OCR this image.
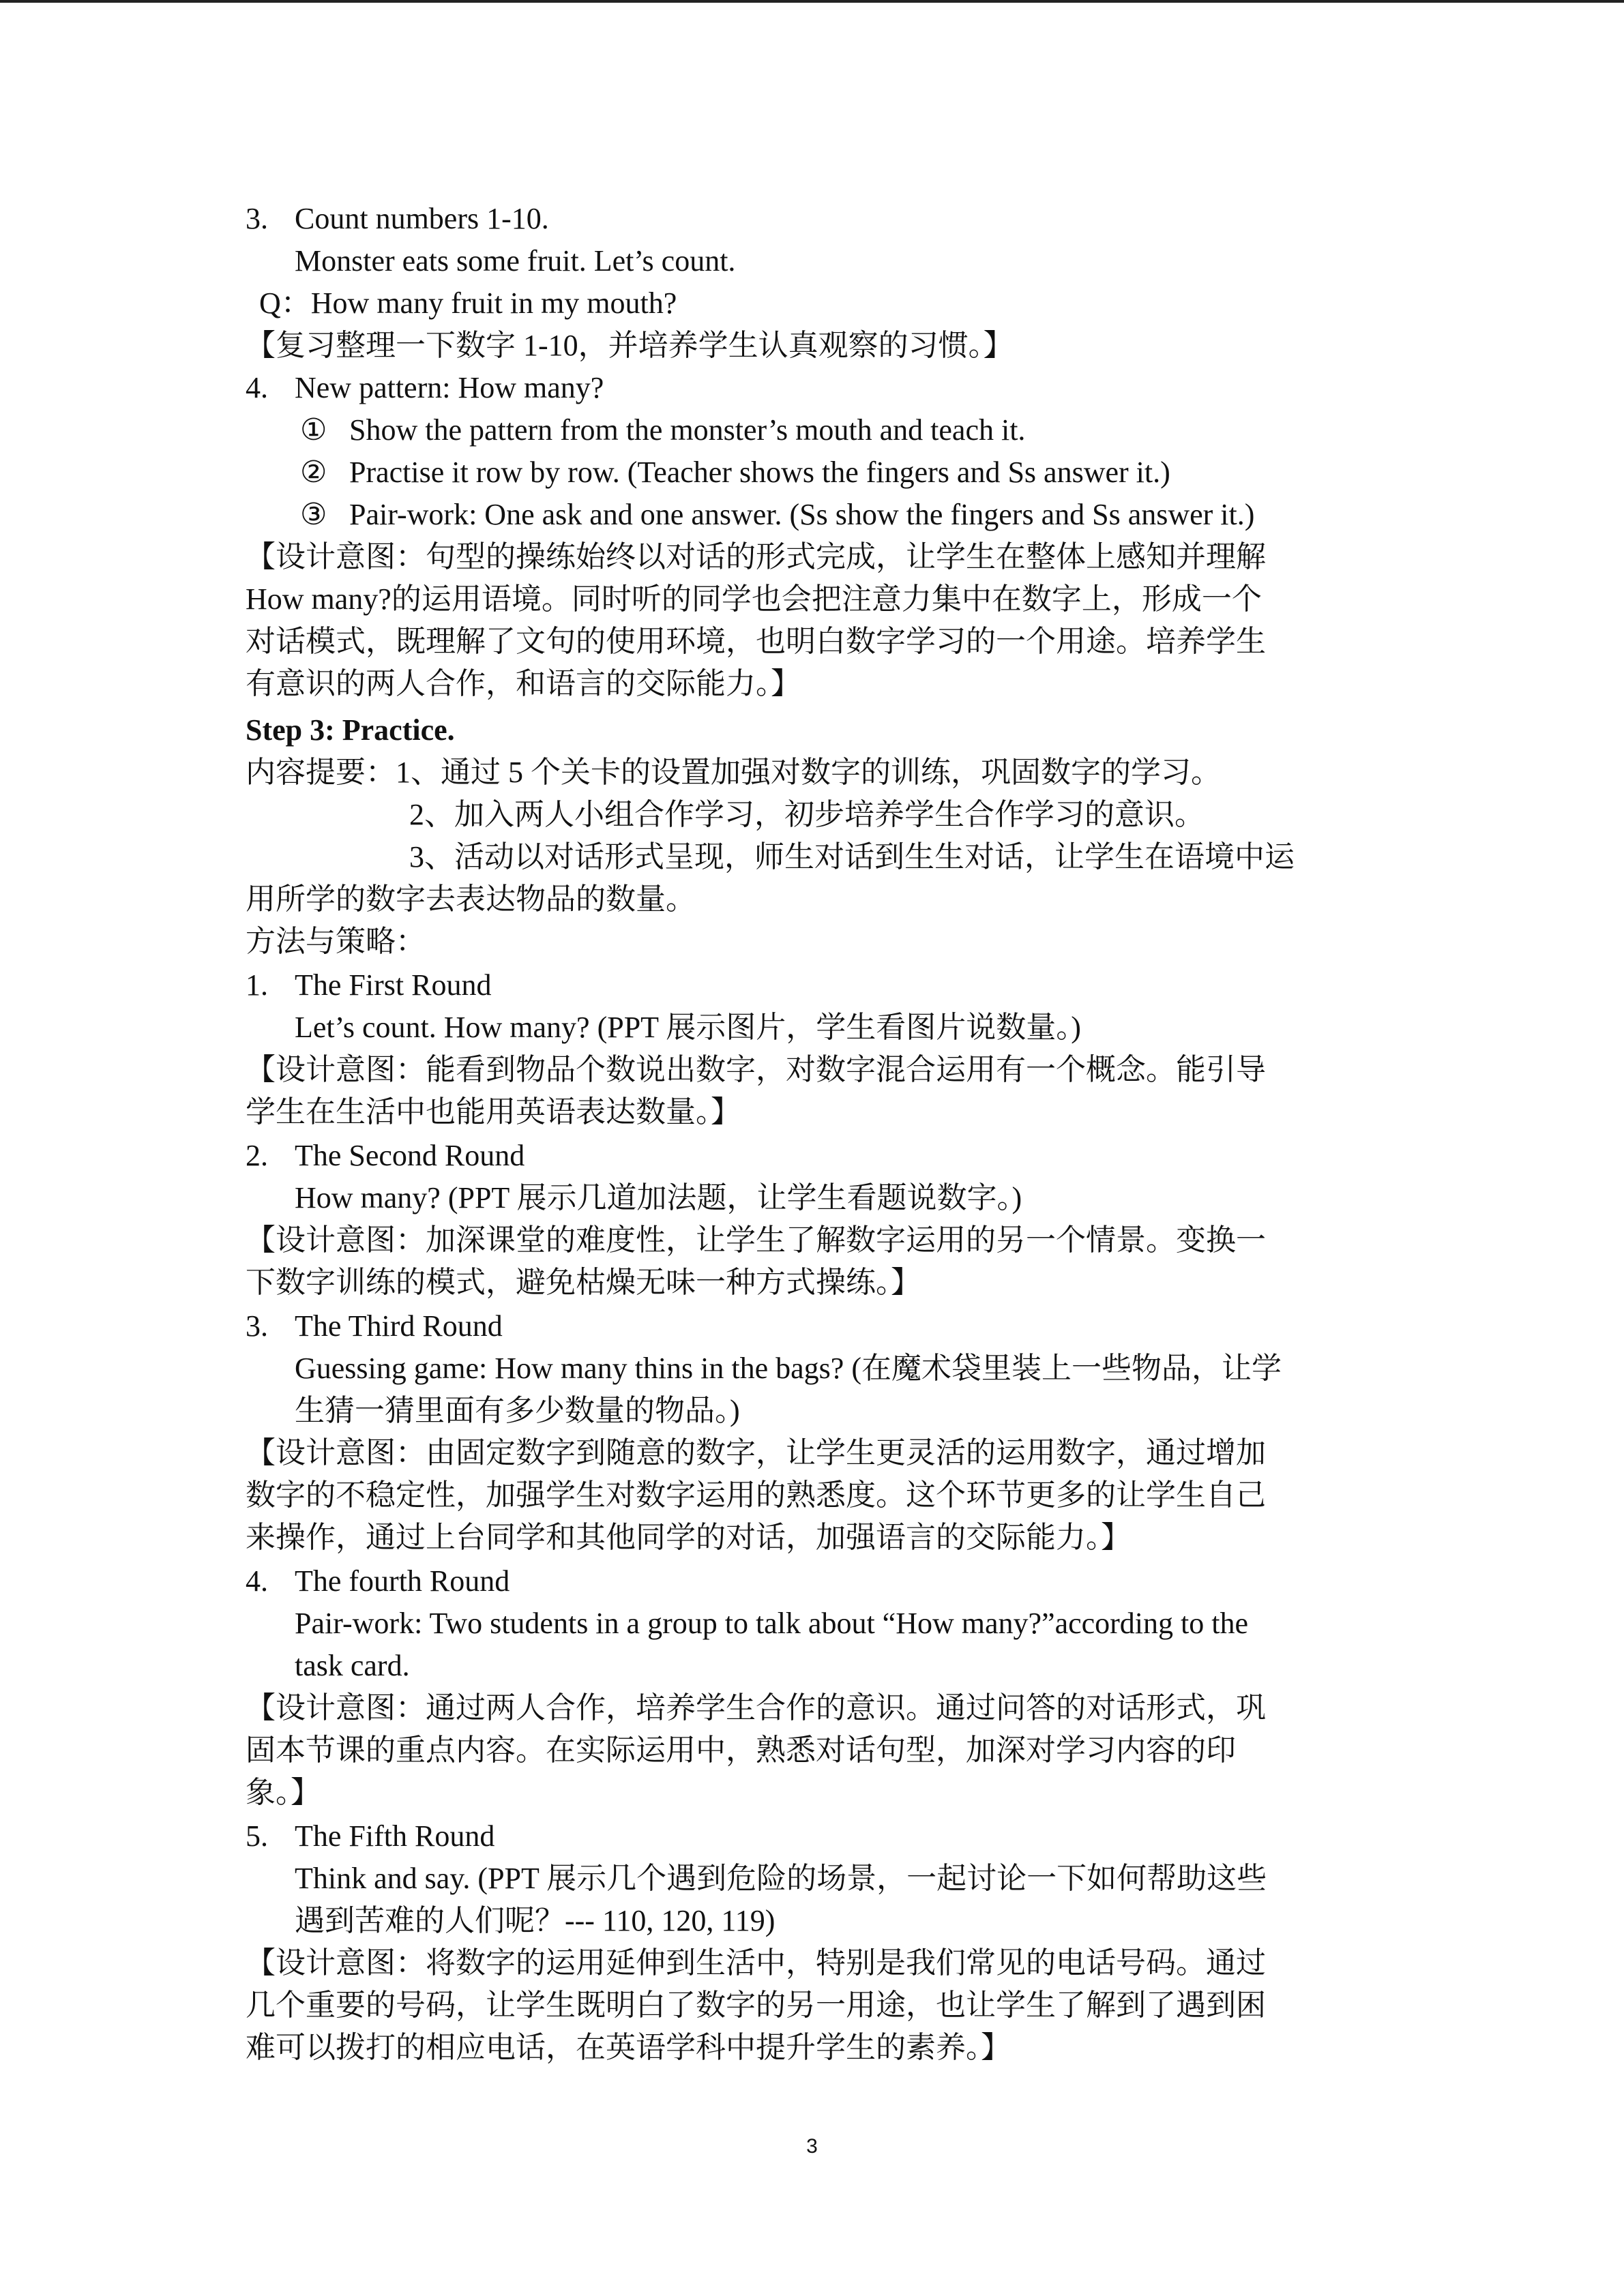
3. Count numbers 1-10.
Monster eats some fruit. Let’s count.
Q：How many fruit in my mouth?
【复习整理一下数字 1-10，并培养学生认真观察的习惯。】
4. New pattern: How many?
① Show the pattern from the monster’s mouth and teach it.
② Practise it row by row. (Teacher shows the fingers and Ss answer it.)
③ Pair-work: One ask and one answer. (Ss show the fingers and Ss answer it.)
【设计意图：句型的操练始终以对话的形式完成，让学生在整体上感知并理解
How many?的运用语境。同时听的同学也会把注意力集中在数字上，形成一个
对话模式，既理解了文句的使用环境，也明白数字学习的一个用途。培养学生
有意识的两人合作，和语言的交际能力。】
Step 3: Practice.
内容提要：1、通过 5 个关卡的设置加强对数字的训练，巩固数字的学习。
2、加入两人小组合作学习，初步培养学生合作学习的意识。
3、活动以对话形式呈现，师生对话到生生对话，让学生在语境中运
用所学的数字去表达物品的数量。
方法与策略：
1. The First Round
Let’s count. How many? (PPT 展示图片，学生看图片说数量。)
【设计意图：能看到物品个数说出数字，对数字混合运用有一个概念。能引导
学生在生活中也能用英语表达数量。】
2. The Second Round
How many? (PPT 展示几道加法题，让学生看题说数字。)
【设计意图：加深课堂的难度性，让学生了解数字运用的另一个情景。变换一
下数字训练的模式，避免枯燥无味一种方式操练。】
3. The Third Round
Guessing game: How many thins in the bags? (在魔术袋里装上一些物品，让学
生猜一猜里面有多少数量的物品。)
【设计意图：由固定数字到随意的数字，让学生更灵活的运用数字，通过增加
数字的不稳定性，加强学生对数字运用的熟悉度。这个环节更多的让学生自己
来操作，通过上台同学和其他同学的对话，加强语言的交际能力。】
4. The fourth Round
Pair-work: Two students in a group to talk about “How many?”according to the
task card.
【设计意图：通过两人合作，培养学生合作的意识。通过问答的对话形式，巩
固本节课的重点内容。在实际运用中，熟悉对话句型，加深对学习内容的印
象。】
5. The Fifth Round
Think and say. (PPT 展示几个遇到危险的场景，一起讨论一下如何帮助这些
遇到苦难的人们呢？--- 110, 120, 119)
【设计意图：将数字的运用延伸到生活中，特别是我们常见的电话号码。通过
几个重要的号码，让学生既明白了数字的另一用途，也让学生了解到了遇到困
难可以拨打的相应电话，在英语学科中提升学生的素养。】
3
